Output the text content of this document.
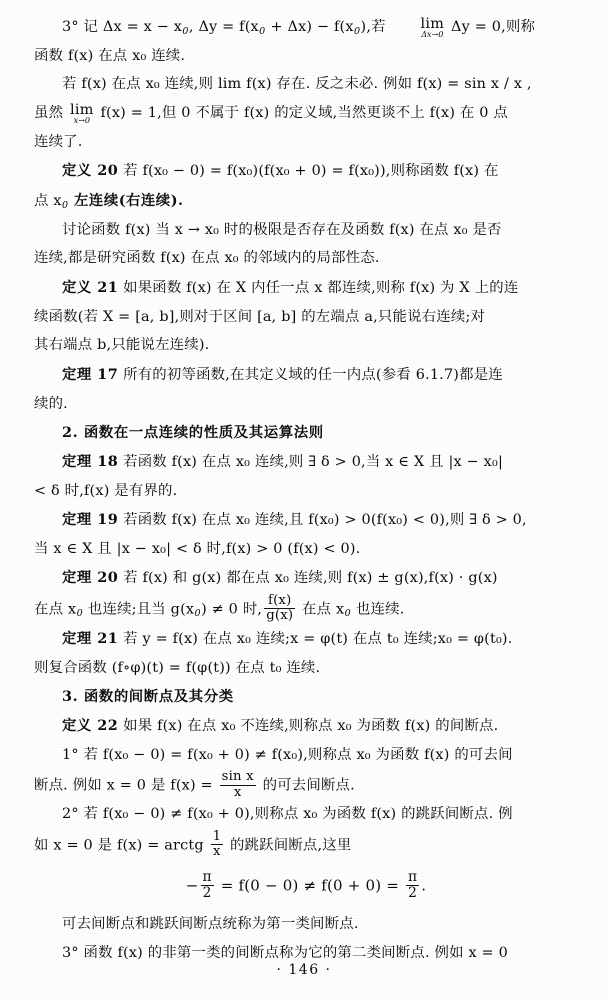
3° 记 $\Delta x = x - x_0$, $\Delta y = f(x_0 + \Delta x) - f(x_0)$,若	lim
Δx→0 Δy = 0,则称

函数 f(x) 在点 x₀ 连续.

若 f(x) 在点 x₀ 连续,则 lim f(x) 存在. 反之未必. 例如 f(x) = sin x / x ,

虽然 lim
x→0 f(x) = 1,但 0 不属于 f(x) 的定义域,当然更谈不上 f(x) 在 0 点

连续了.

定义 20 若 f(x₀ − 0) = f(x₀)(f(x₀ + 0) = f(x₀)),则称函数 f(x) 在

点 $x_0$ 左连续(右连续).

讨论函数 f(x) 当 x → x₀ 时的极限是否存在及函数 f(x) 在点 x₀ 是否

连续,都是研究函数 f(x) 在点 x₀ 的邻域内的局部性态.

定义 21 如果函数 f(x) 在 X 内任一点 x 都连续,则称 f(x) 为 X 上的连

续函数(若 X = [a, b],则对于区间 [a, b] 的左端点 a,只能说右连续;对

其右端点 b,只能说左连续).

定理 17 所有的初等函数,在其定义域的任一内点(参看 6.1.7)都是连

续的.

2. 函数在一点连续的性质及其运算法则

定理 18 若函数 f(x) 在点 x₀ 连续,则 ∃ δ > 0,当 x ∈ X 且 |x − x₀|

< δ 时,f(x) 是有界的.

定理 19 若函数 f(x) 在点 x₀ 连续,且 f(x₀) > 0(f(x₀) < 0),则 ∃ δ > 0,

当 x ∈ X 且 |x − x₀| < δ 时,f(x) > 0 (f(x) < 0).

定理 20 若 f(x) 和 g(x) 都在点 x₀ 连续,则 f(x) ± g(x),f(x) · g(x)

在点 $x_0$ 也连续;且当 $g(x_0) \ne 0$ 时, $\frac{f(x)}{g(x)}$ 在点 $x_0$ 也连续.

定理 21 若 y = f(x) 在点 x₀ 连续;x = φ(t) 在点 t₀ 连续;x₀ = φ(t₀).

则复合函数 (f∘φ)(t) = f(φ(t)) 在点 t₀ 连续.

3. 函数的间断点及其分类

定义 22 如果 f(x) 在点 x₀ 不连续,则称点 x₀ 为函数 f(x) 的间断点.

1° 若 f(x₀ − 0) = f(x₀ + 0) ≠ f(x₀),则称点 x₀ 为函数 f(x) 的可去间

断点. 例如 x = 0 是 $f(x) = \frac{\text{sin x}}{x}$ 的可去间断点.

2° 若 f(x₀ − 0) ≠ f(x₀ + 0),则称点 x₀ 为函数 f(x) 的跳跃间断点. 例

如 x = 0 是 f(x) = arctg $\frac{1}{x}$ 的跳跃间断点,这里

− $\frac{\pi}{2} = f(0 - 0) \ne f(0 + 0) = \frac{\pi}{2}$ .

可去间断点和跳跃间断点统称为第一类间断点.

3° 函数 f(x) 的非第一类的间断点称为它的第二类间断点. 例如 x = 0

· 146 ·
